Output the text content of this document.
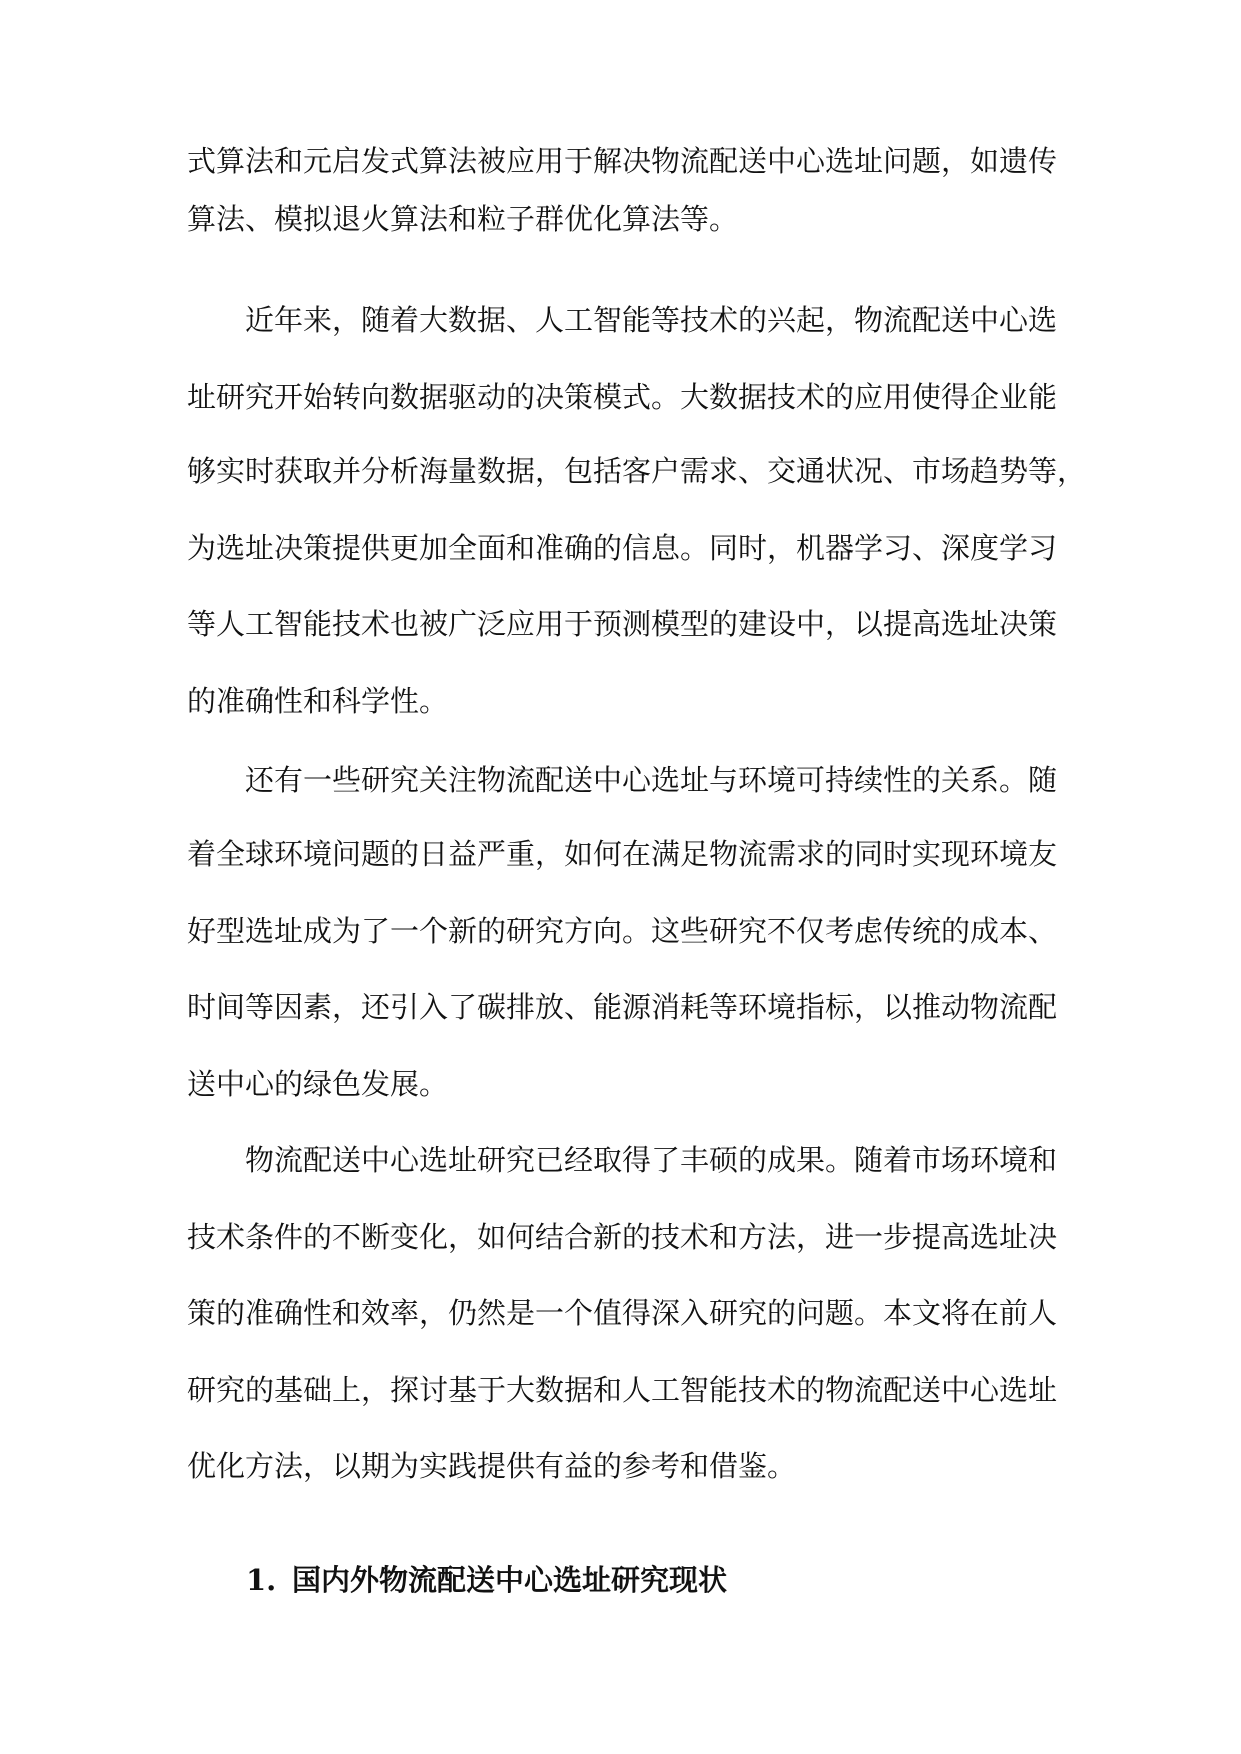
式算法和元启发式算法被应用于解决物流配送中心选址问题，如遗传
算法、模拟退火算法和粒子群优化算法等。
近年来，随着大数据、人工智能等技术的兴起，物流配送中心选
址研究开始转向数据驱动的决策模式。大数据技术的应用使得企业能
够实时获取并分析海量数据，包括客户需求、交通状况、市场趋势等，
为选址决策提供更加全面和准确的信息。同时，机器学习、深度学习
等人工智能技术也被广泛应用于预测模型的建设中，以提高选址决策
的准确性和科学性。
还有一些研究关注物流配送中心选址与环境可持续性的关系。随
着全球环境问题的日益严重，如何在满足物流需求的同时实现环境友
好型选址成为了一个新的研究方向。这些研究不仅考虑传统的成本、
时间等因素，还引入了碳排放、能源消耗等环境指标，以推动物流配
送中心的绿色发展。
物流配送中心选址研究已经取得了丰硕的成果。随着市场环境和
技术条件的不断变化，如何结合新的技术和方法，进一步提高选址决
策的准确性和效率，仍然是一个值得深入研究的问题。本文将在前人
研究的基础上，探讨基于大数据和人工智能技术的物流配送中心选址
优化方法，以期为实践提供有益的参考和借鉴。
1. 国内外物流配送中心选址研究现状
